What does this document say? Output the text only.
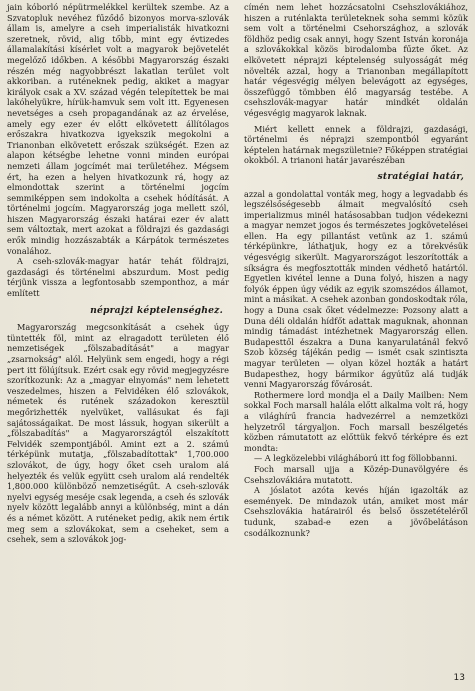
jain kóborló népütrmelékkel kerültek szembe. Az a Szvatopluk nevéhez fűződő bizonyos morva-szlovák állam is, amelyre a cseh imperialisták hivatkozni szeretnek, rövid, alig tőbb, mint egy évtizedes államalakítási kísérlet volt a magyarok bejövetelét megelőző időkben. A későbbi Magyarország északi részén még nagyobbrészt lakatlan terület volt akkoriban. a ruténeknek pedig, akiket a magyar királyok csak a XV. század végén telepítettek be mai lakóhelyükre, hírük-hamvuk sem volt itt. Egyenesen nevetséges a cseh propagandának az az érvelése, amely egy ezer év előtt elkövetett állítólagos erőszakra hivatkozva igyekszik megokolni a Trianonban elkövetett erőszak szükségét. Ezen az alapon kétségbe lehetne vonni minden európai nemzeti állam jogcímét mai területéhez. Mégsem ért, ha ezen a helyen hivatkozunk rá, hogy az elmondottak szerint a történelmi jogcím semmiképpen sem indokolta a csehek hódítását. A történelmi jogcím. Magyarország joga mellett szól, hiszen Magyarország északi határai ezer év alatt sem változtak, mert azokat a földrajzi és gazdasági erők mindig hozzászabták a Kárpátok természetes vonalához.

A cseh-szlovák-magyar határ tehát földrajzi, gazdasági és történelmi abszurdum. Most pedig térjünk vissza a legfontosabb szemponthoz, a már említett

néprajzi képtelenséghez.

Magyarország megcsonkítását a csehek úgy tüntették föl, mint az elragadott területen élő nemzetiségek „fölszabadítását" a magyar „zsarnokság" alól. Helyünk sem engedi, hogy a régi pert itt fölújítsuk. Ezért csak egy rövid megjegyzésre szorítkozunk: Az a „magyar elnyomás" nem lehetett veszedelmes, hiszen a Felvidéken élő szlovákok, németek és rutének századokon keresztül megőrizhették nyelvüket, vallásukat és faji sajátosságaikat. De most lássuk, hogyan sikerült a „fölszabadítás" a Magyarországtól elszakított Felvidék szempontjából. Amint ezt a 2. számú térképünk mutatja, „fölszabadítottak" 1,700.000 szlovákot, de úgy, hogy őket cseh uralom alá helyezték és velük együtt cseh uralom alá rendelték 1,800.000 különböző nemzetiségűt. A cseh-szlovák nyelvi egység meséje csak legenda, a cseh és szlovák nyelv között legalább annyi a különbség, mint a dán és a német között. A ruténeket pedig, akik nem értik meg sem a szlovákokat, sem a cseheket, sem a csehek, sem a szlovákok jog-

címén nem lehet hozzácsatolni Csehszlovákiához, hiszen a ruténlakta területeknek soha semmi közük sem volt a történelmi Csehországhoz, a szlovák földhöz pedig csak annyi, hogy Szent István koronája a szlovákokkal közös birodalomba fűzte őket. Az elkövetett néprajzi képtelenség sulyosságát még növelték azzal, hogy a Trianonban megállapított határ végesvégig mélyen belevágott az egységes, összefüggő tömbben élő magyarság testébe. A csehszlovák-magyar határ mindkét oldalán végesvégig magyarok laknak.

Miért kellett ennek a földrajzi, gazdasági, történelmi és néprajzi szempontból egyaránt képtelen határnak megszületnie? Főképpen stratégiai okokból. A trianoni határ javarészéban

stratégiai határ,

azzal a gondolattal vonták meg, hogy a legvadabb és legszélsőségesebb álmait megvalósító cseh imperializmus minél hatásosabban tudjon védekezni a magyar nemzet jogos és természetes jogkövetelései ellen. Ha egy pillantást vetünk az 1. számú térképünkre, láthatjuk, hogy ez a törekvésük végesvégig sikerült. Magyarországot leszorították a síkságra és megfosztották minden védhető határtól. Egyetlen kivétel lenne a Duna folyó, hiszen a nagy folyók éppen úgy védik az egyik szomszédos államot, mint a másikat. A csehek azonban gondoskodtak róla, hogy a Duna csak őket védelmezze: Pozsony alatt a Duna déli oldalán hídfőt adattak maguknak, ahonnan mindig támadást intézhetnek Magyarország ellen. Budapesttől északra a Duna kanyarulatánál fekvő Szob község tájékán pedig — ismét csak szintiszta magyar területen — olyan közel hozták a határt Budapesthez, hogy bármikor ágyútűz alá tudják venni Magyarország fővárosát.

Rothermere lord mondja el a Daily Mailben: Nem sokkal Foch marsall halála előtt alkalma volt rá, hogy a világhírű francia hadvezérrel a nemzetközi helyzetről tárgyaljon. Foch marsall beszélgetés közben rámutatott az előttük fekvő térképre és ezt mondta:

— A legközelebbi világháború itt fog föllobbanni.

Foch marsall ujja a Közép-Dunavölgyére és Csehszlovákiára mutatott.

A jóslatot azóta kevés híján igazolták az események. De mindazok után, amiket most már Csehszlovákia határairól és belső összetételéről tudunk, szabad-e ezen a jövőbelátáson csodálkoznunk?

13
